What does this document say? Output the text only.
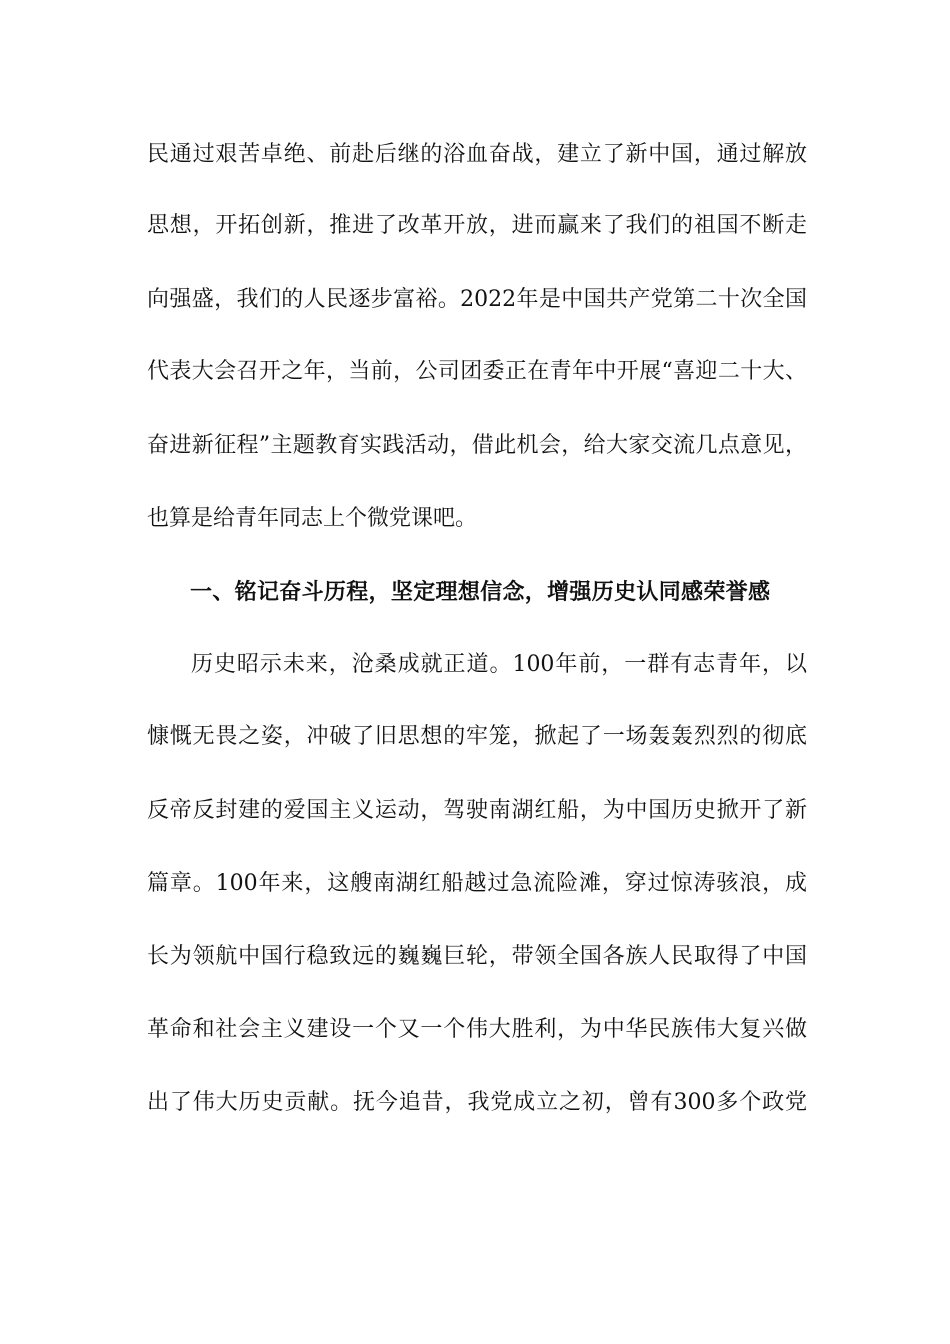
民通过艰苦卓绝、前赴后继的浴血奋战，建立了新中国，通过解放
思想，开拓创新，推进了改革开放，进而赢来了我们的祖国不断走
向强盛，我们的人民逐步富裕。2022年是中国共产党第二十次全国
代表大会召开之年，当前，公司团委正在青年中开展“喜迎二十大、
奋进新征程”主题教育实践活动，借此机会，给大家交流几点意见，
也算是给青年同志上个微党课吧。
一、铭记奋斗历程，坚定理想信念，增强历史认同感荣誉感
历史昭示未来，沧桑成就正道。100年前，一群有志青年，以
慷慨无畏之姿，冲破了旧思想的牢笼，掀起了一场轰轰烈烈的彻底
反帝反封建的爱国主义运动，驾驶南湖红船，为中国历史掀开了新
篇章。100年来，这艘南湖红船越过急流险滩，穿过惊涛骇浪，成
长为领航中国行稳致远的巍巍巨轮，带领全国各族人民取得了中国
革命和社会主义建设一个又一个伟大胜利，为中华民族伟大复兴做
出了伟大历史贡献。抚今追昔，我党成立之初，曾有300多个政党
